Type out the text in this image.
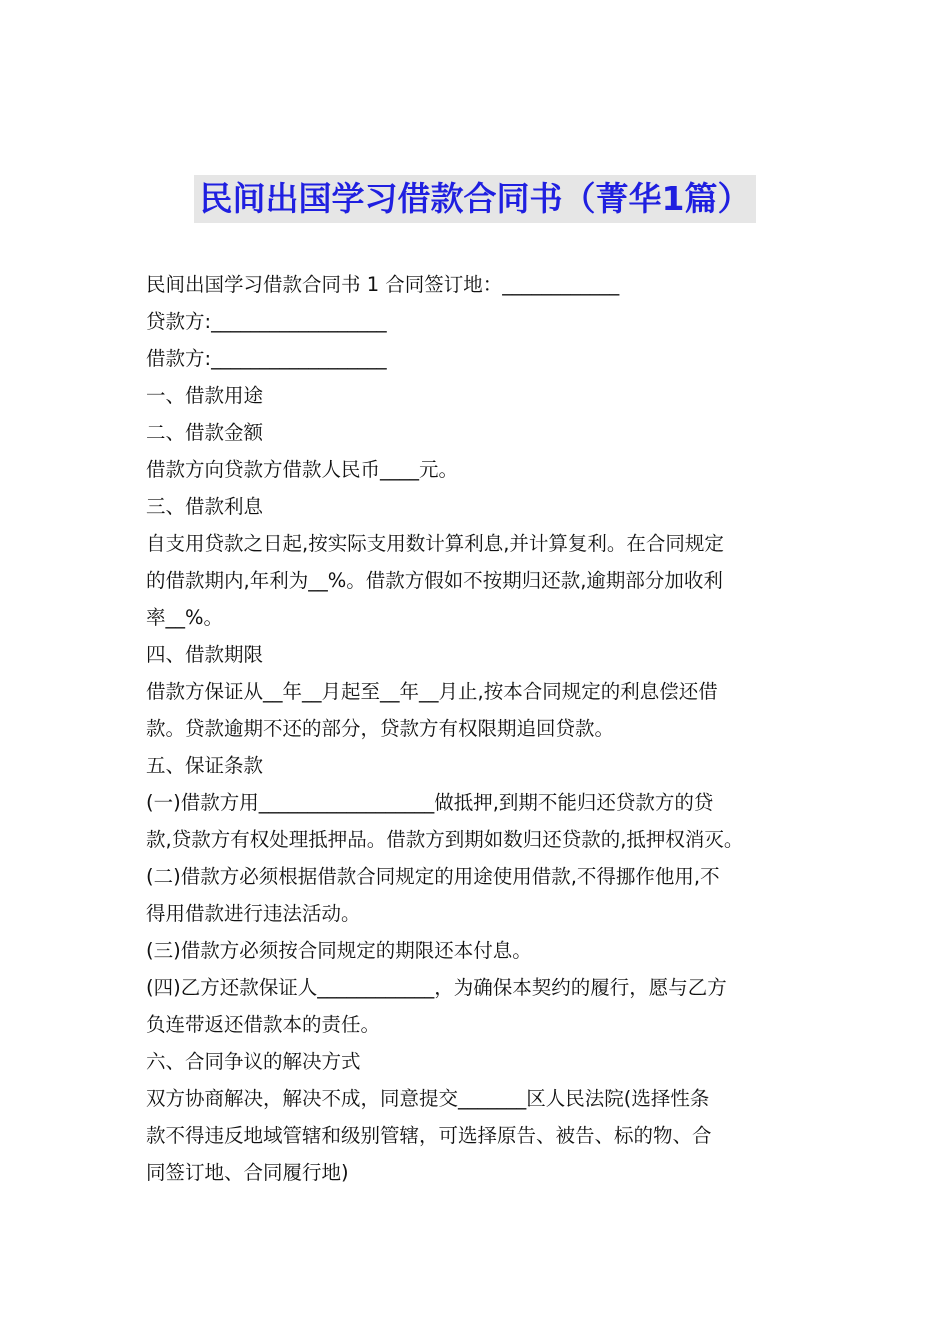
民间出国学习借款合同书（菁华1篇）
民间出国学习借款合同书 1 合同签订地：____________
贷款方:__________________
借款方:__________________
一、借款用途
二、借款金额
借款方向贷款方借款人民币____元。
三、借款利息
自支用贷款之日起,按实际支用数计算利息,并计算复利。在合同规定
的借款期内,年利为__%。借款方假如不按期归还款,逾期部分加收利
率__%。
四、借款期限
借款方保证从__年__月起至__年__月止,按本合同规定的利息偿还借
款。贷款逾期不还的部分，贷款方有权限期追回贷款。
五、保证条款
(一)借款方用__________________做抵押,到期不能归还贷款方的贷
款,贷款方有权处理抵押品。借款方到期如数归还贷款的,抵押权消灭。
(二)借款方必须根据借款合同规定的用途使用借款,不得挪作他用,不
得用借款进行违法活动。
(三)借款方必须按合同规定的期限还本付息。
(四)乙方还款保证人____________，为确保本契约的履行，愿与乙方
负连带返还借款本的责任。
六、合同争议的解决方式
双方协商解决，解决不成，同意提交_______区人民法院(选择性条
款不得违反地域管辖和级别管辖，可选择原告、被告、标的物、合
同签订地、合同履行地)
